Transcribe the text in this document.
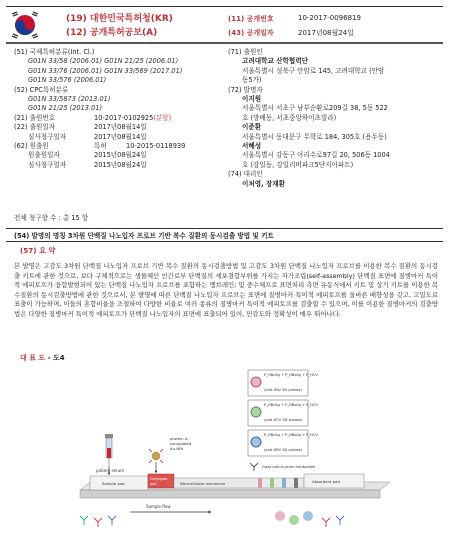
(19) 대한민국특허청(KR)
(12) 공개특허공보(A)
(11) 공개번호	10-2017-0096819
(43) 공개일자	2017년08월24일
(51) 국제특허분류(Int. Cl.)
G01N 33/58 (2006.01) G01N 21/25 (2006.01)
G01N 33/76 (2006.01) G01N 33/569 (2017.01)
G01N 33/576 (2006.01)
(52) CPC특허분류
G01N 33/5873 (2013.01)
G01N 21/25 (2013.01)
(21) 출원번호	10-2017-0102925(분할)
(22) 출원일자	2017년08월14일
심사청구일자	2017년08월14일
(62) 원출원	특허	10-2015-0118939
원출원일자	2015년08월24일
심사청구일자	2015년08월24일
전체 청구항 수 : 총 15 항
(71) 출원인
고려대학교 산학협력단
서울특별시 성북구 안암로 145, 고려대학교 (안암
동5가)
(72) 발명자
이지원
서울특별시 서초구 남부순환로209길 38, 5동 522
호 (방배동, 서초중앙하이츠빌라)
이준환
서울특별시 동대문구 무학로 184, 305호 (용두동)
서혜성
서울특별시 강동구 아리수로97길 20, 506동 1004
호 (강일동, 강일리버파크5단지아파트)
(74) 대리인
이처영, 장재환
(54) 발명의 명칭 3차원 단백질 나노입자 프로브 기반 복수 질환의 동시검출 방법 및 키트
(57) 요 약
본 발명은 고감도 3차원 단백질 나노입자 프로브 기반 복수 질환의 동시검출방법 및 고감도 3차원 단백질 나노입자 프로브를 이용한 복수 질환의 동시검출 키트에 관한 것으로, 보다 구체적으로는 생물체인 인간로부 단백질의 세포결합부위를 가지는 자가조립(self-assembly) 단백질 표면에 질병마커 특이적 에피토프가 융합발현되어 있는 단백질 나노입자 프로브를 포함하는 멤브레인; 및 중수체프로 표면처리 측면 유동식에서 키트 및 상기 키트를 이용한 복수질환의 동시검출방법에 관한 것으로서, 본 발명에 따른 단백질 나노입자 프로브는 표면에 질병마커 특이적 에피토프를 올바른 배향성을 갖고, 고밀도로 표출이 가능하며, 이들의 혼합비율을 조절하여 다양한 비율로 여러 종류의 질병마커 특이적 에피토프를 검출할 수 있으며, 이를 이용한 질병마커의 검출방법은 다양한 질병마커 특이적 에피토프가 단백질 나노입자의 표면에 표출되어 있어, 민감도와 정확성이 매우 뛰어나다.
대 표 도 - 도4
P_HBcAg + P_HBsAg + P_HCV
(anti-HAV 3D probes)
P_HBcAg + P_HBsAg + P_HCV
(anti-HCV 3D probes)
P_HBcAg + P_HBsAg + P_HCV
(anti-HBV 3D probes)
Goat anti-human antibodies
patient serum
protein A-
conjugated
Au-NPs
Sample pad
Conjugate
pad	Nitrocellulose membrane	Absorbent pad
Sample flow
